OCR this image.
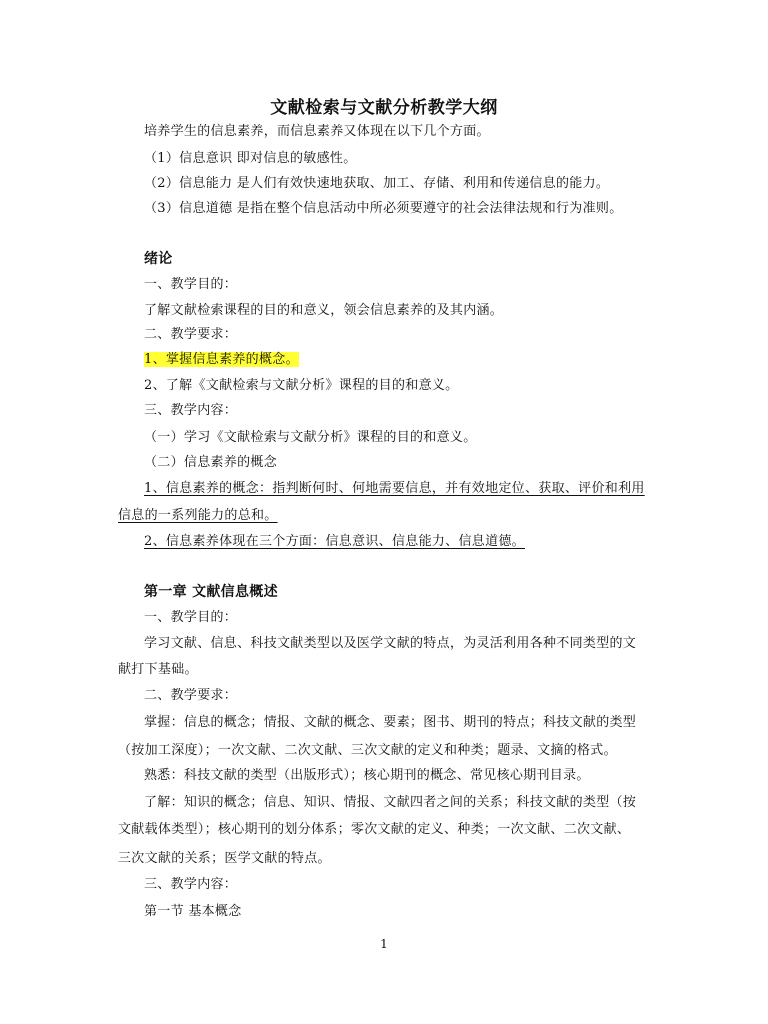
文献检索与文献分析教学大纲
培养学生的信息素养，而信息素养又体现在以下几个方面。
（1）信息意识 即对信息的敏感性。
（2）信息能力 是人们有效快速地获取、加工、存储、利用和传递信息的能力。
（3）信息道德 是指在整个信息活动中所必须要遵守的社会法律法规和行为准则。
绪论
一、教学目的：
了解文献检索课程的目的和意义，领会信息素养的及其内涵。
二、教学要求：
1、掌握信息素养的概念。
2、了解《文献检索与文献分析》课程的目的和意义。
三、教学内容：
（一）学习《文献检索与文献分析》课程的目的和意义。
（二）信息素养的概念
1、信息素养的概念：指判断何时、何地需要信息，并有效地定位、获取、评价和利用
信息的一系列能力的总和。
2、信息素养体现在三个方面：信息意识、信息能力、信息道德。
第一章 文献信息概述
一、教学目的：
学习文献、信息、科技文献类型以及医学文献的特点，为灵活利用各种不同类型的文
献打下基础。
二、教学要求：
掌握：信息的概念；情报、文献的概念、要素；图书、期刊的特点；科技文献的类型
（按加工深度）；一次文献、二次文献、三次文献的定义和种类；题录、文摘的格式。
熟悉：科技文献的类型（出版形式）；核心期刊的概念、常见核心期刊目录。
了解：知识的概念；信息、知识、情报、文献四者之间的关系；科技文献的类型（按
文献载体类型）；核心期刊的划分体系；零次文献的定义、种类；一次文献、二次文献、
三次文献的关系；医学文献的特点。
三、教学内容：
第一节 基本概念
1
